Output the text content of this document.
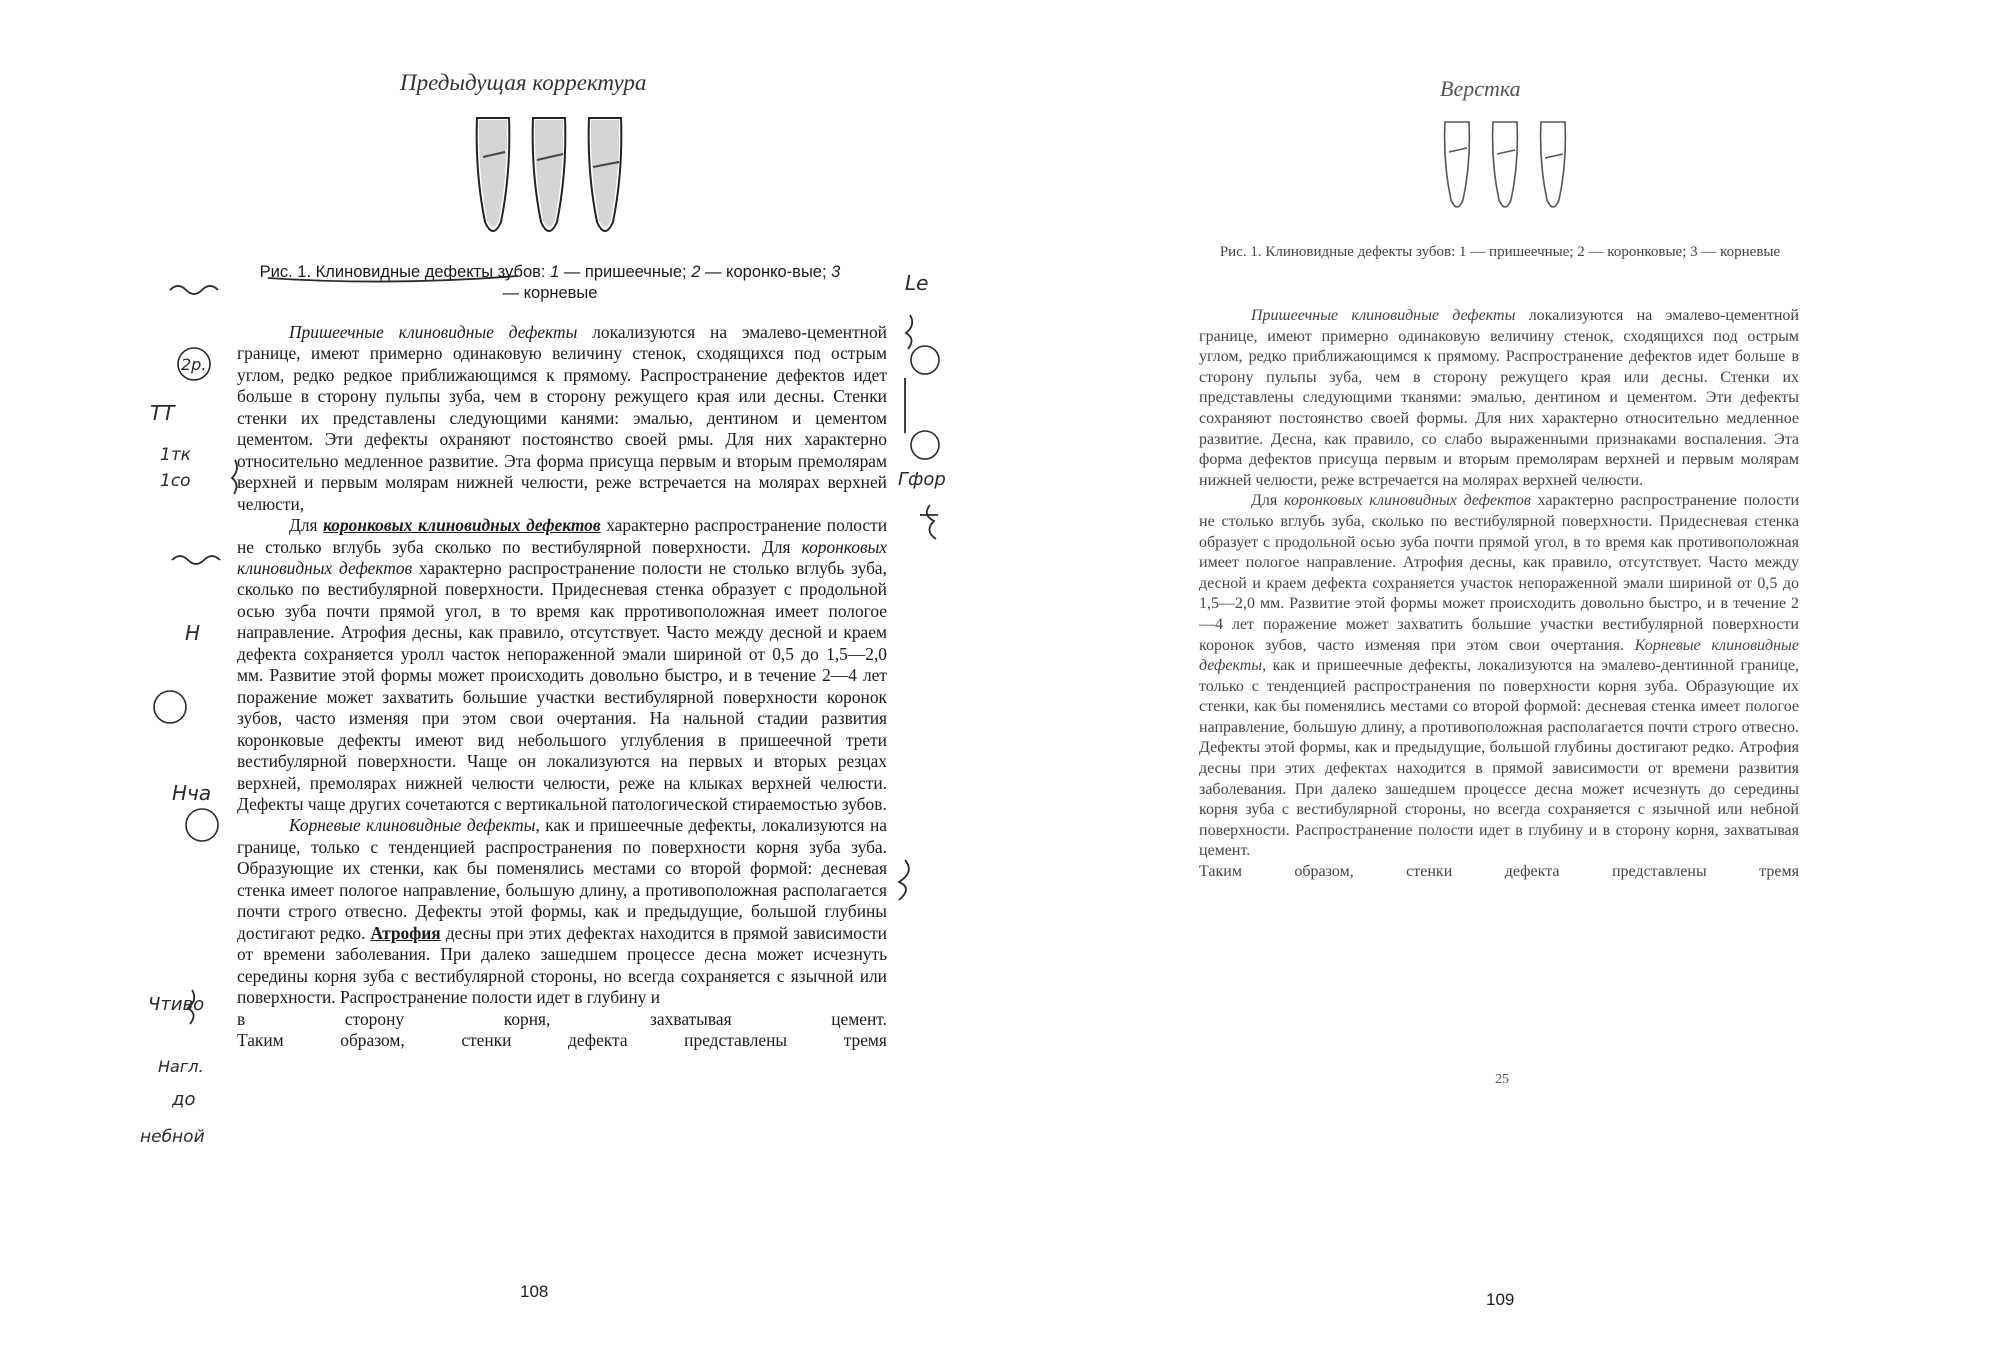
Предыдущая корректура
Рис. 1. Клиновидные дефекты зубов: 1 — пришеечные; 2 — коронко-вые; 3 — корневые

Пришеечные клиновидные дефекты локализуются на эмалево-цементной границе, имеют примерно одинаковую величину стенок, сходящихся под острым углом, редко редкое приближающимся к прямому. Распространение дефектов идет больше в сторону пульпы зуба, чем в сторону режущего края или десны. Стенки стенки их представлены следующими канями: эмалью, дентином и цементом цементом. Эти дефекты охраняют постоянство своей рмы. Для них характерно относительно медленное развитие. Эта форма присуща первым и вторым премолярам верхней и первым молярам нижней челюсти, реже встречается на молярах верхней челюсти,

Для коронковых клиновидных дефектов характерно распространение полости не столько вглубь зуба сколько по вестибулярной поверхности. Для коронковых клиновидных дефектов характерно распространение полости не столько вглубь зуба, сколько по вестибулярной поверхности. Придесневая стенка образует с продольной осью зуба почти прямой угол, в то время как прротивоположная имеет пологое направление. Атрофия десны, как правило, отсутствует. Часто между десной и краем дефекта сохраняется уролл часток непораженной эмали шириной от 0,5 до 1,5—2,0 мм. Развитие этой формы может происходить довольно быстро, и в течение 2—4 лет поражение может захватить большие участки вестибулярной поверхности коронок зубов, часто изменяя при этом свои очертания. На нальной стадии развития коронковые дефекты имеют вид небольшого углубления в пришеечной трети вестибулярной поверхности. Чаще он локализуются на первых и вторых резцах верхней, премолярах нижней челюсти челюсти, реже на клыках верхней челюсти. Дефекты чаще других сочетаются с вертикальной патологической стираемостью зубов.

Корневые клиновидные дефекты, как и пришеечные дефекты, локализуются на границе, только с тенденцией распространения по поверхности корня зуба зуба. Образующие их стенки, как бы поменялись местами со второй формой: десневая стенка имеет пологое направление, большую длину, а противоположная располагается почти строго отвесно. Дефекты этой формы, как и предыдущие, большой глубины достигают редко. Атрофия десны при этих дефектах находится в прямой зависимости от времени заболевания. При далеко зашедшем процессе десна может исчезнуть середины корня зуба с вестибулярной стороны, но всегда сохраняется с язычной или поверхности. Распространение полости идет в глубину и

в	сторону	корня,	захватывая	цемент.
Таким	образом,	стенки	дефекта	представлены	тремя
108
Верстка
Рис. 1. Клиновидные дефекты зубов: 1 — пришеечные; 2 — коронковые; 3 — корневые

Пришеечные клиновидные дефекты локализуются на эмалево-цементной границе, имеют примерно одинаковую величину стенок, сходящихся под острым углом, редко приближающимся к прямому. Распространение дефектов идет больше в сторону пульпы зуба, чем в сторону режущего края или десны. Стенки их представлены следующими тканями: эмалью, дентином и цементом. Эти дефекты сохраняют постоянство своей формы. Для них характерно относительно медленное развитие. Десна, как правило, со слабо выраженными признаками воспаления. Эта форма дефектов присуща первым и вторым премолярам верхней и первым молярам нижней челюсти, реже встречается на молярах верхней челюсти.

Для коронковых клиновидных дефектов характерно распространение полости не столько вглубь зуба, сколько по вестибулярной поверхности. Придесневая стенка образует с продольной осью зуба почти прямой угол, в то время как противоположная имеет пологое направление. Атрофия десны, как правило, отсутствует. Часто между десной и краем дефекта сохраняется участок непораженной эмали шириной от 0,5 до 1,5—2,0 мм. Развитие этой формы может происходить довольно быстро, и в течение 2—4 лет поражение может захватить большие участки вестибулярной поверхности коронок зубов, часто изменяя при этом свои очертания. Корневые клиновидные дефекты, как и пришеечные дефекты, локализуются на эмалево-дентинной границе, только с тенденцией распространения по поверхности корня зуба. Образующие их стенки, как бы поменялись местами со второй формой: десневая стенка имеет пологое направление, большую длину, а противоположная располагается почти строго отвесно. Дефекты этой формы, как и предыдущие, большой глубины достигают редко. Атрофия десны при этих дефектах находится в прямой зависимости от времени развития заболевания. При далеко зашедшем процессе десна может исчезнуть до середины корня зуба с вестибулярной стороны, но всегда сохраняется с язычной или небной поверхности. Распространение полости идет в глубину и в сторону корня, захватывая цемент.

Таким	образом,	стенки	дефекта	представлены	тремя
25
109
Le
2р.
Гфор
ТТ
Н
1тк
1со
Нча
Чтиво
Нагл.
до
небной
